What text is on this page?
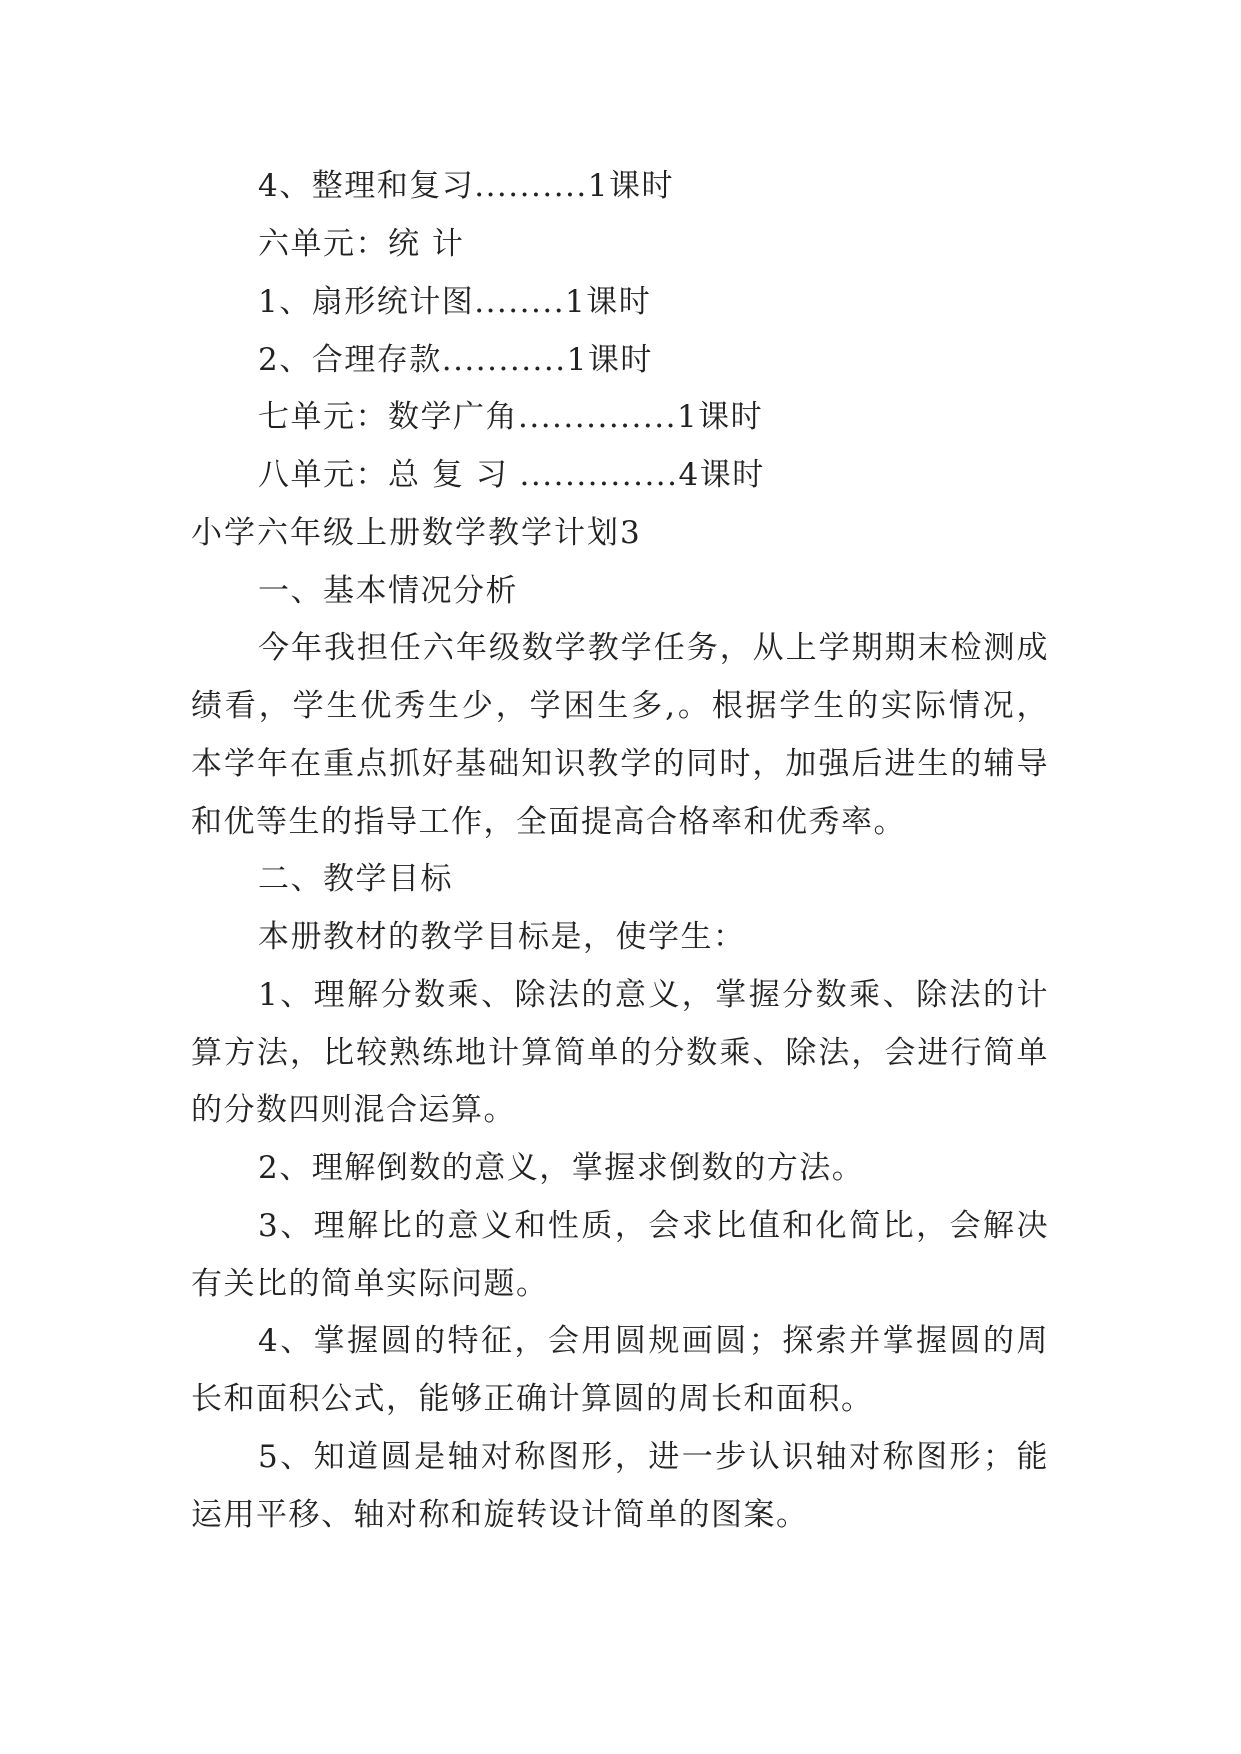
4、整理和复习..........1课时
六单元：统 计
1、扇形统计图........1课时
2、合理存款...........1课时
七单元：数学广角..............1课时
八单元：总 复 习 ..............4课时
小学六年级上册数学教学计划3
一、基本情况分析
今年我担任六年级数学教学任务，从上学期期末检测成
绩看，学生优秀生少，学困生多,。根据学生的实际情况，
本学年在重点抓好基础知识教学的同时，加强后进生的辅导
和优等生的指导工作，全面提高合格率和优秀率。
二、教学目标
本册教材的教学目标是，使学生：
1、理解分数乘、除法的意义，掌握分数乘、除法的计
算方法，比较熟练地计算简单的分数乘、除法，会进行简单
的分数四则混合运算。
2、理解倒数的意义，掌握求倒数的方法。
3、理解比的意义和性质，会求比值和化简比，会解决
有关比的简单实际问题。
4、掌握圆的特征，会用圆规画圆；探索并掌握圆的周
长和面积公式，能够正确计算圆的周长和面积。
5、知道圆是轴对称图形，进一步认识轴对称图形；能
运用平移、轴对称和旋转设计简单的图案。
